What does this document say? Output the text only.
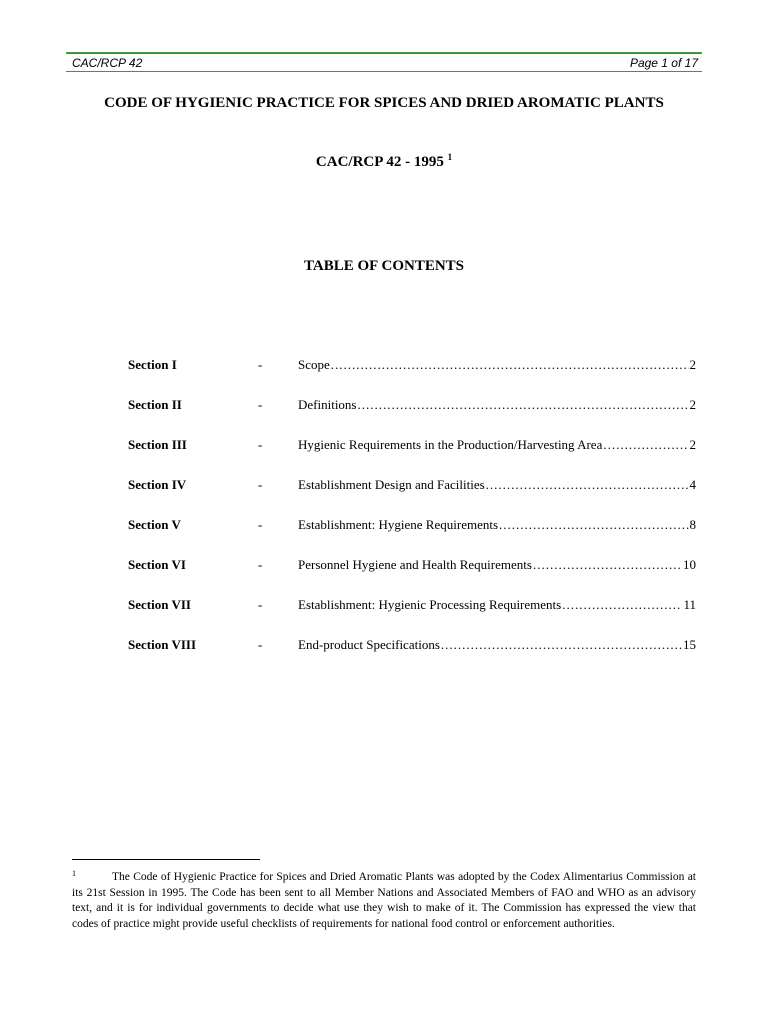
CAC/RCP 42	Page 1 of 17
CODE OF HYGIENIC PRACTICE FOR SPICES AND DRIED AROMATIC PLANTS
CAC/RCP 42 - 1995 $^1$
TABLE OF CONTENTS
Section I	-	Scope .....	2
Section II	-	Definitions .....	2
Section III	-	Hygienic Requirements in the Production/Harvesting Area .....	2
Section IV	-	Establishment Design and Facilities .....	4
Section V	-	Establishment: Hygiene Requirements .....	8
Section VI	-	Personnel Hygiene and Health Requirements .....	10
Section VII	-	Establishment: Hygienic Processing Requirements .....	11
Section VIII	-	End-product Specifications .....	15
$^1$	The Code of Hygienic Practice for Spices and Dried Aromatic Plants was adopted by the Codex Alimentarius Commission at its 21st Session in 1995. The Code has been sent to all Member Nations and Associated Members of FAO and WHO as an advisory text, and it is for individual governments to decide what use they wish to make of it. The Commission has expressed the view that codes of practice might provide useful checklists of requirements for national food control or enforcement authorities.
